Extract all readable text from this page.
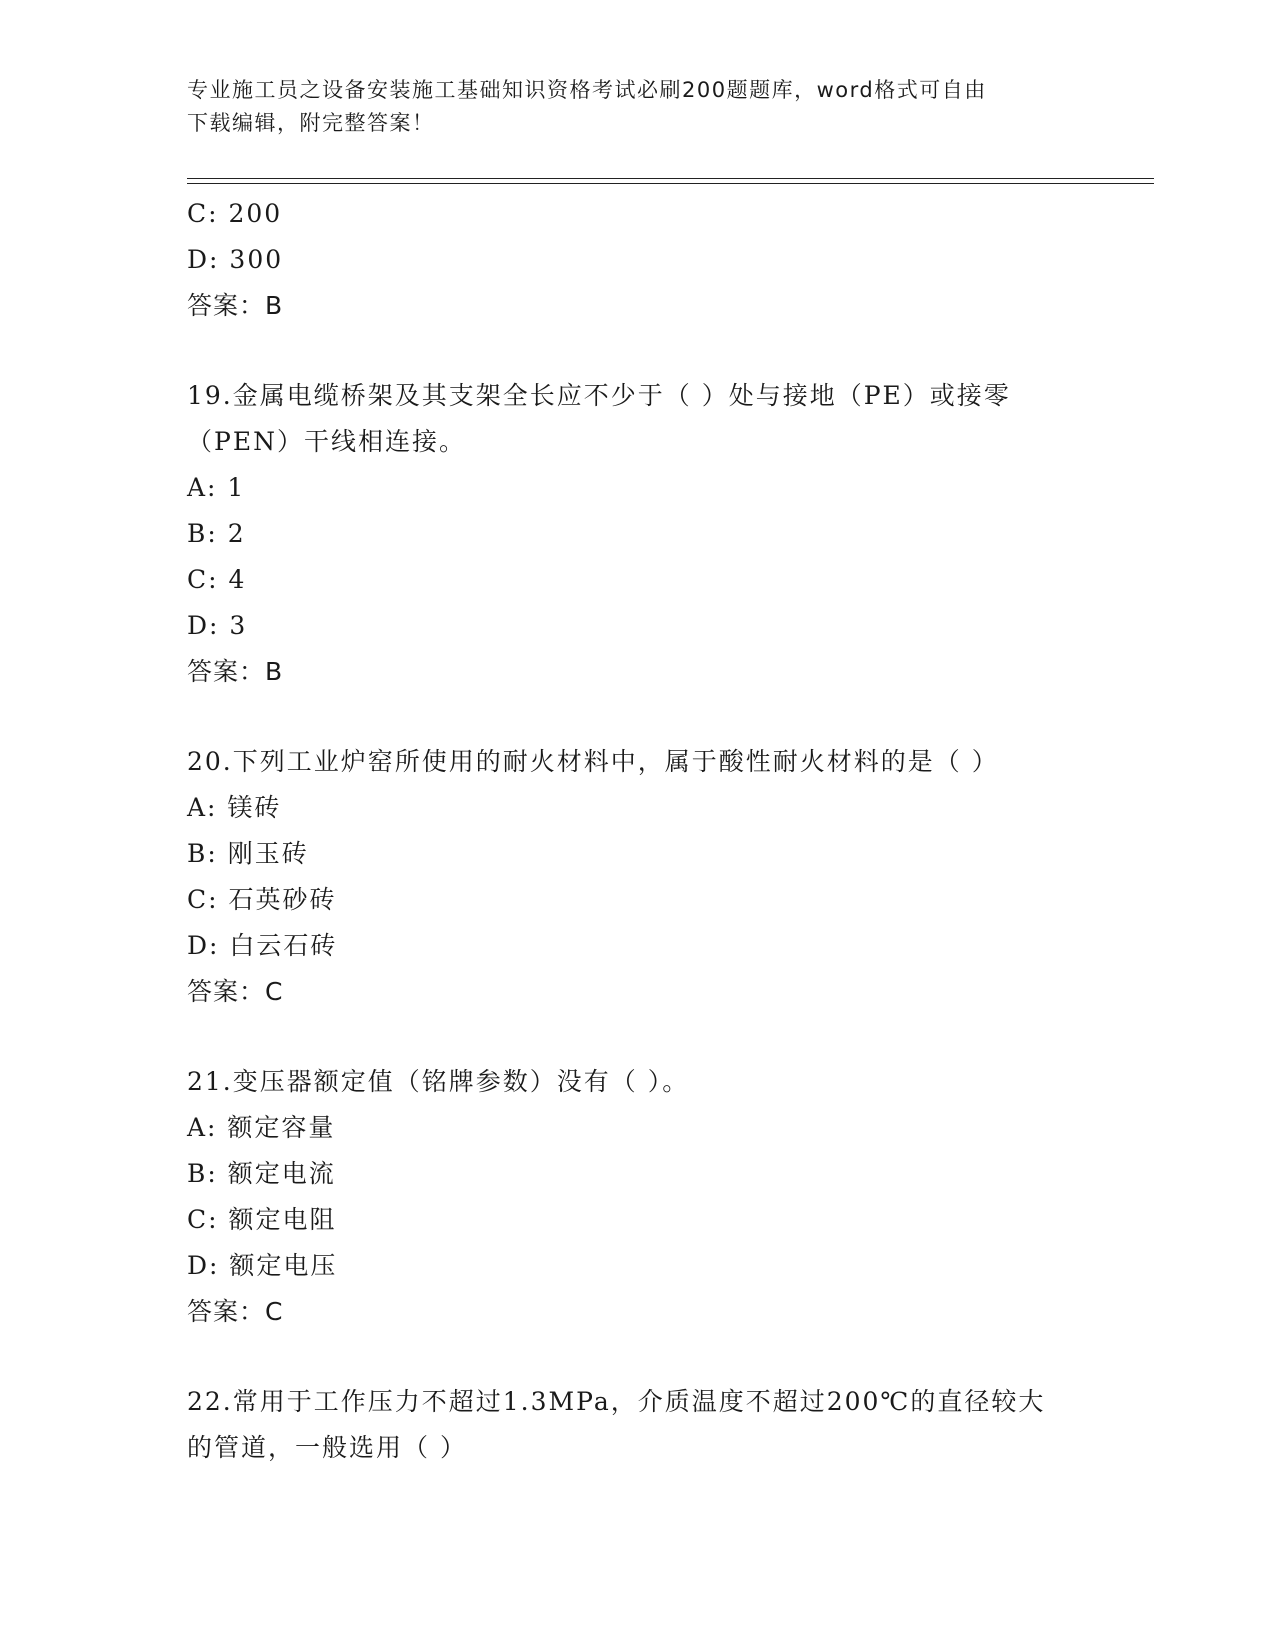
专业施工员之设备安装施工基础知识资格考试必刷200题题库，word格式可自由
下载编辑，附完整答案！
C: 200
D: 300
答案：B
19.金属电缆桥架及其支架全长应不少于（ ）处与接地（PE）或接零
（PEN）干线相连接。
A: 1
B: 2
C: 4
D: 3
答案：B
20.下列工业炉窑所使用的耐火材料中，属于酸性耐火材料的是（ ）
A: 镁砖
B: 刚玉砖
C: 石英砂砖
D: 白云石砖
答案：C
21.变压器额定值（铭牌参数）没有（ ）。
A: 额定容量
B: 额定电流
C: 额定电阻
D: 额定电压
答案：C
22.常用于工作压力不超过1.3MPa，介质温度不超过200℃的直径较大
的管道，一般选用（ ）
